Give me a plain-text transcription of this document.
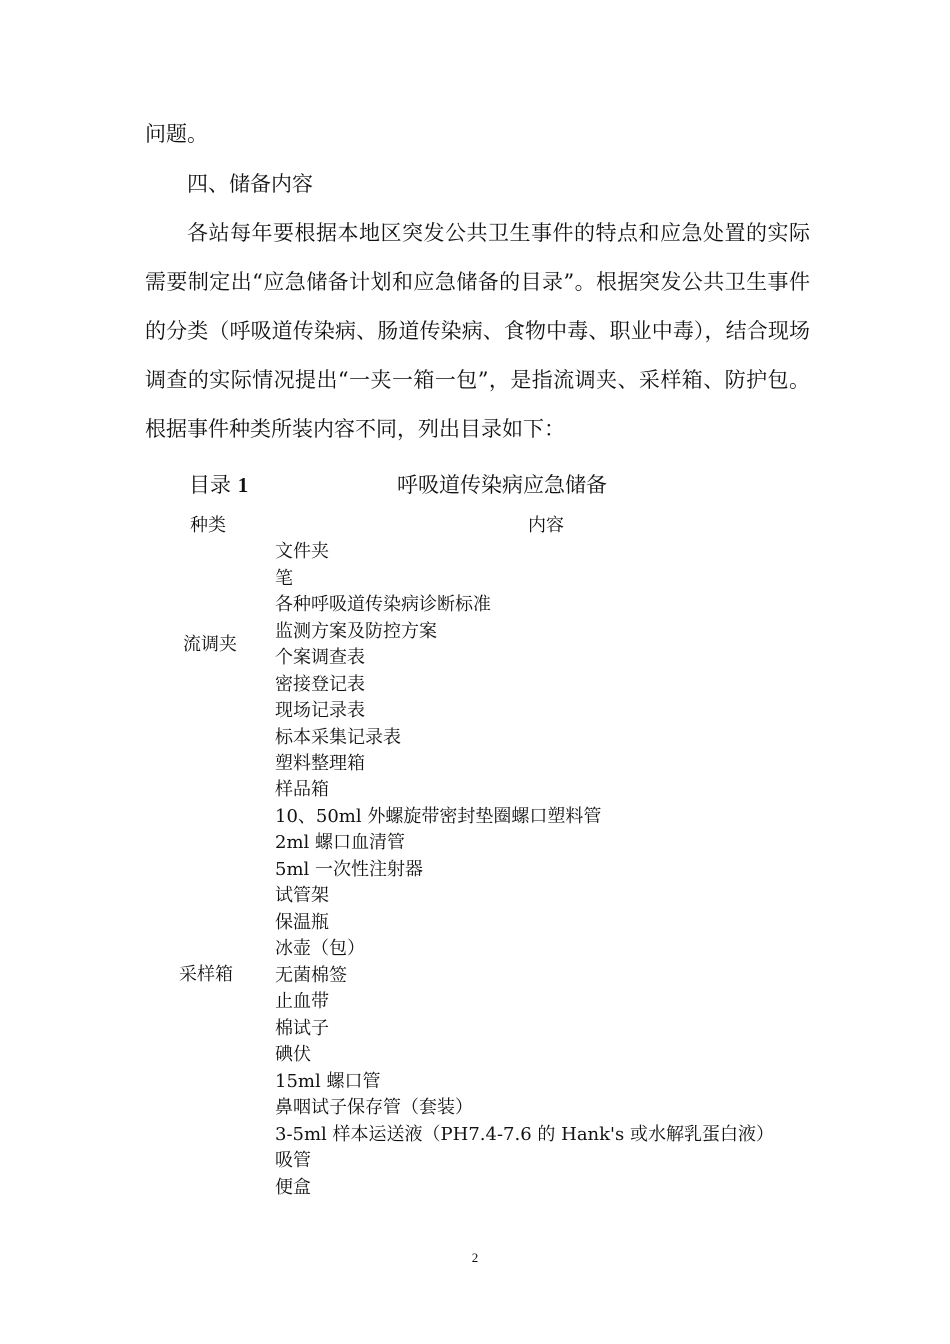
问题。

四、储备内容

各站每年要根据本地区突发公共卫生事件的特点和应急处置的实际需要制定出“应急储备计划和应急储备的目录”。根据突发公共卫生事件的分类（呼吸道传染病、肠道传染病、食物中毒、职业中毒），结合现场调查的实际情况提出“一夹一箱一包”，是指流调夹、采样箱、防护包。根据事件种类所装内容不同，列出目录如下：

目录 1	呼吸道传染病应急储备
种类	内容
流调夹
文件夹
笔
各种呼吸道传染病诊断标准
监测方案及防控方案
个案调查表
密接登记表
现场记录表
标本采集记录表
塑料整理箱
采样箱
样品箱
10、50ml 外螺旋带密封垫圈螺口塑料管
2ml 螺口血清管
5ml 一次性注射器
试管架
保温瓶
冰壶（包）
无菌棉签
止血带
棉试子
碘伏
15ml 螺口管
鼻咽试子保存管（套装）
3-5ml 样本运送液（PH7.4-7.6 的 Hank's 或水解乳蛋白液）
吸管
便盒
2
